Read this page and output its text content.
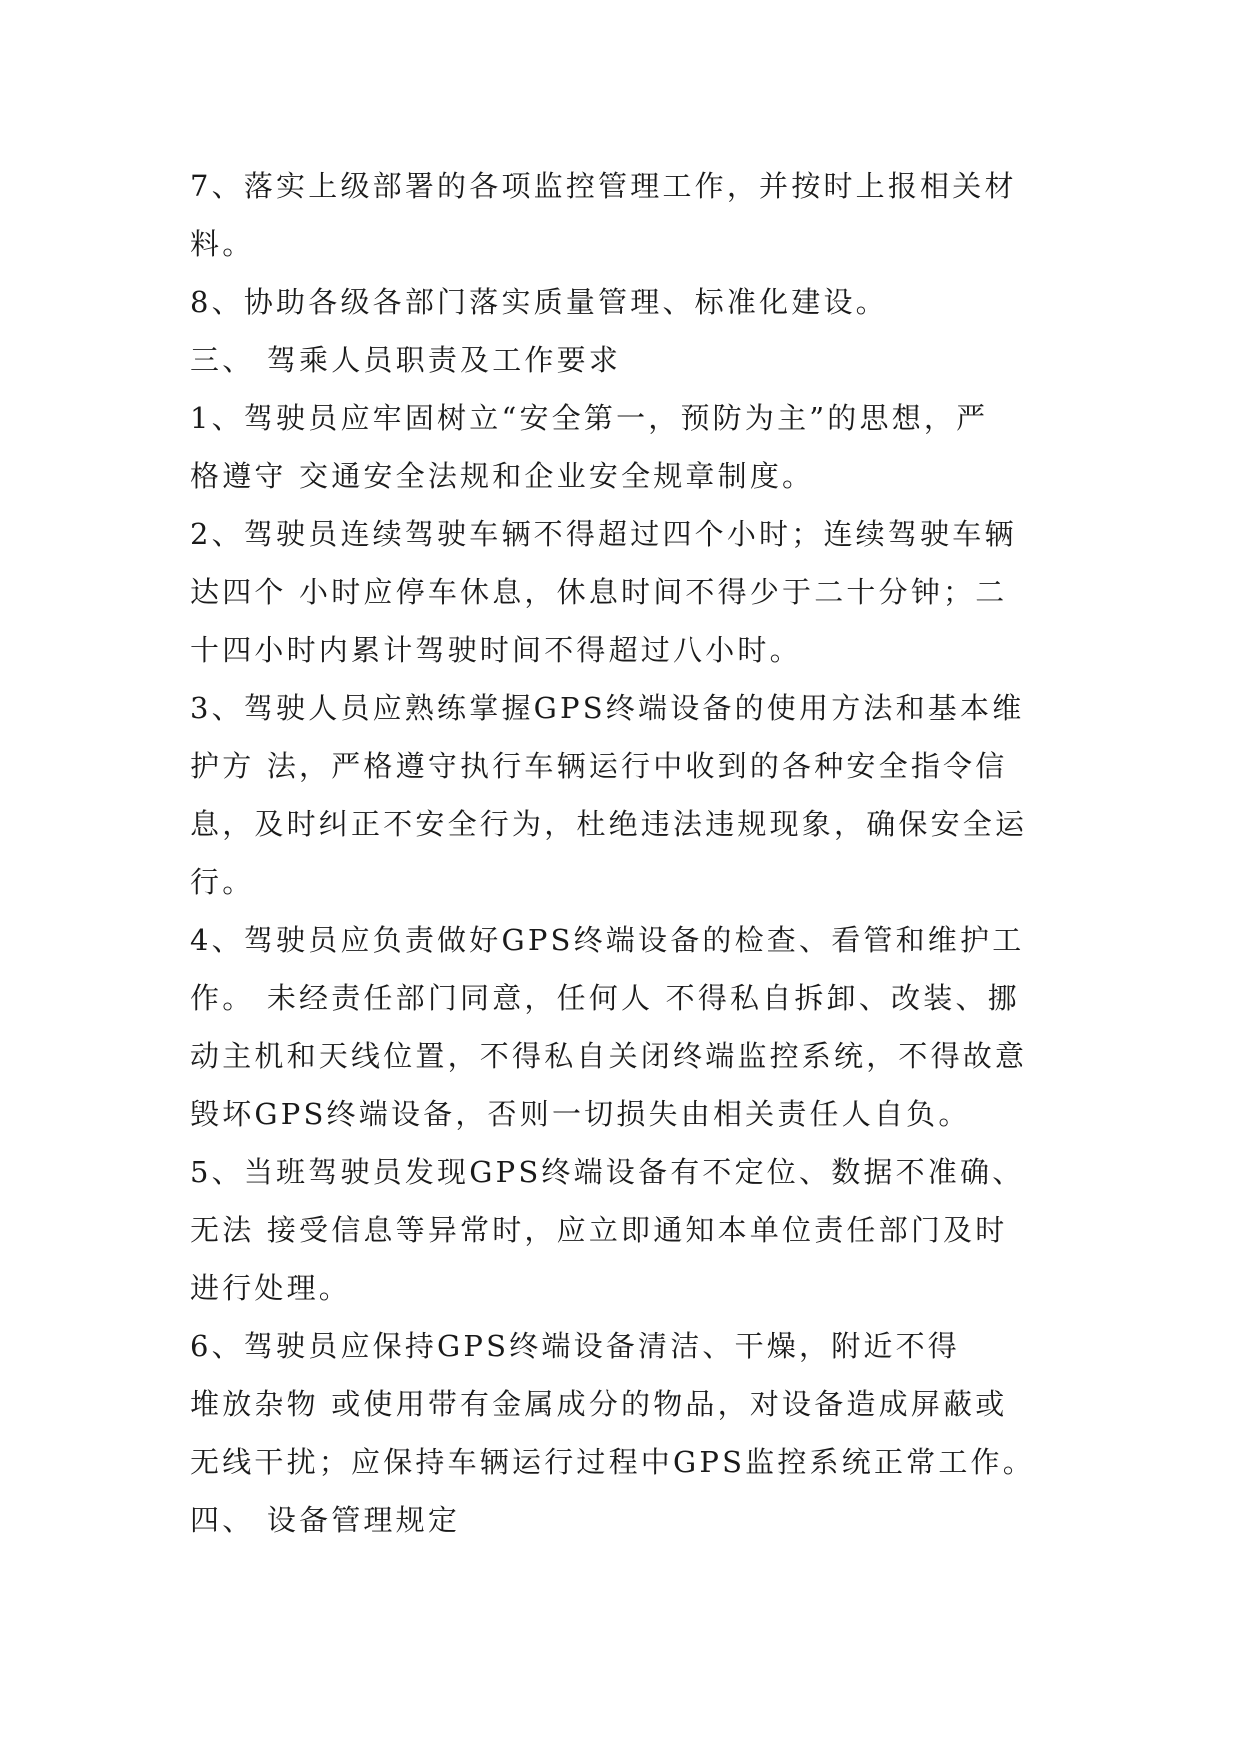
7、落实上级部署的各项监控管理工作，并按时上报相关材
料。
8、协助各级各部门落实质量管理、标准化建设。
三、 驾乘人员职责及工作要求
1、驾驶员应牢固树立“安全第一，预防为主”的思想，严
格遵守 交通安全法规和企业安全规章制度。
2、驾驶员连续驾驶车辆不得超过四个小时；连续驾驶车辆
达四个 小时应停车休息，休息时间不得少于二十分钟；二
十四小时内累计驾驶时间不得超过八小时。
3、驾驶人员应熟练掌握GPS终端设备的使用方法和基本维
护方 法，严格遵守执行车辆运行中收到的各种安全指令信
息，及时纠正不安全行为，杜绝违法违规现象，确保安全运
行。
4、驾驶员应负责做好GPS终端设备的检查、看管和维护工
作。 未经责任部门同意，任何人 不得私自拆卸、改装、挪
动主机和天线位置，不得私自关闭终端监控系统，不得故意
毁坏GPS终端设备，否则一切损失由相关责任人自负。
5、当班驾驶员发现GPS终端设备有不定位、数据不准确、
无法 接受信息等异常时，应立即通知本单位责任部门及时
进行处理。
6、驾驶员应保持GPS终端设备清洁、干燥，附近不得
堆放杂物 或使用带有金属成分的物品，对设备造成屏蔽或
无线干扰；应保持车辆运行过程中GPS监控系统正常工作。
四、 设备管理规定
